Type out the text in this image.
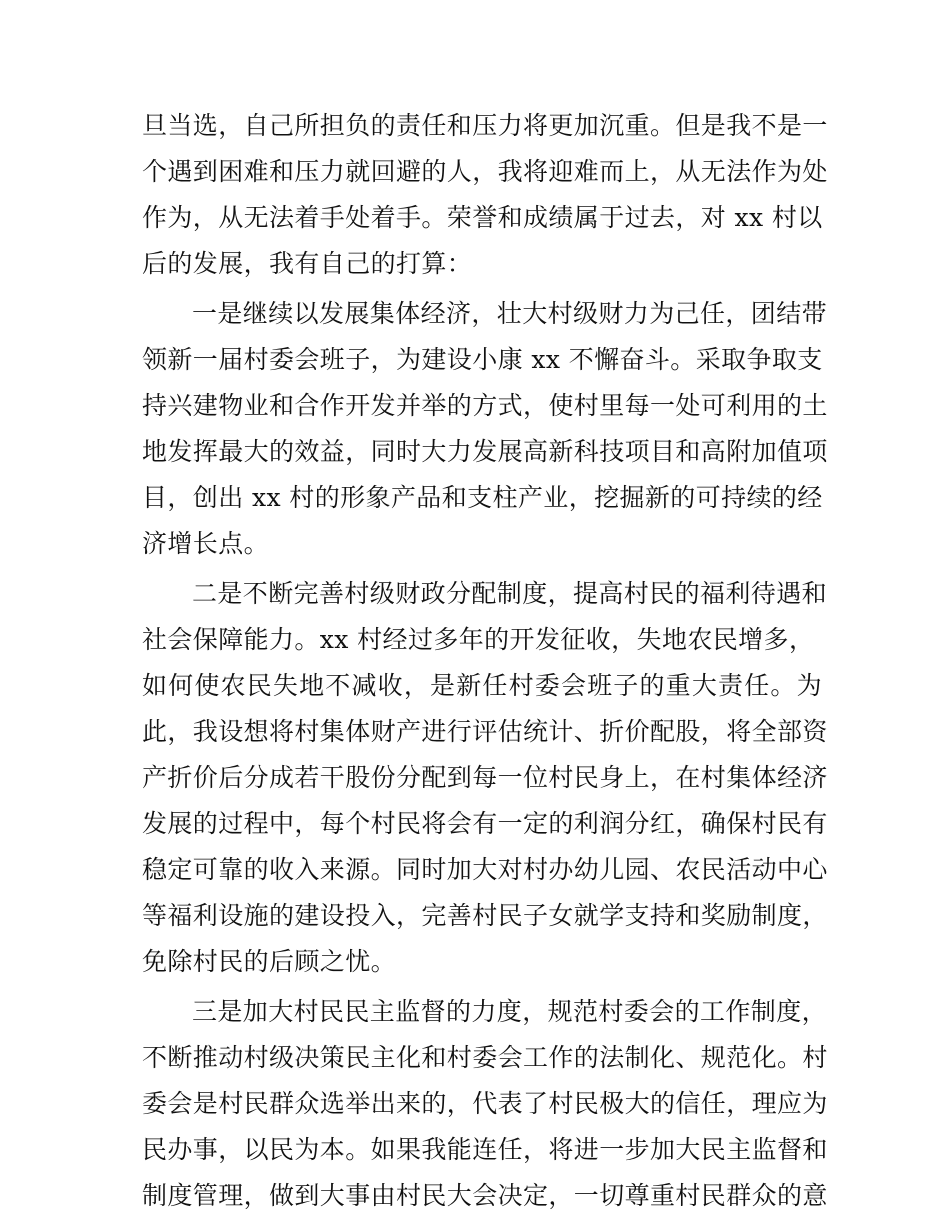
旦当选，自己所担负的责任和压力将更加沉重。但是我不是一
个遇到困难和压力就回避的人，我将迎难而上，从无法作为处
作为，从无法着手处着手。荣誉和成绩属于过去，对 xx 村以
后的发展，我有自己的打算：
一是继续以发展集体经济，壮大村级财力为己任，团结带
领新一届村委会班子，为建设小康 xx 不懈奋斗。采取争取支
持兴建物业和合作开发并举的方式，使村里每一处可利用的土
地发挥最大的效益，同时大力发展高新科技项目和高附加值项
目，创出 xx 村的形象产品和支柱产业，挖掘新的可持续的经
济增长点。
二是不断完善村级财政分配制度，提高村民的福利待遇和
社会保障能力。xx 村经过多年的开发征收，失地农民增多，
如何使农民失地不减收，是新任村委会班子的重大责任。为
此，我设想将村集体财产进行评估统计、折价配股，将全部资
产折价后分成若干股份分配到每一位村民身上，在村集体经济
发展的过程中，每个村民将会有一定的利润分红，确保村民有
稳定可靠的收入来源。同时加大对村办幼儿园、农民活动中心
等福利设施的建设投入，完善村民子女就学支持和奖励制度，
免除村民的后顾之忧。
三是加大村民民主监督的力度，规范村委会的工作制度，
不断推动村级决策民主化和村委会工作的法制化、规范化。村
委会是村民群众选举出来的，代表了村民极大的信任，理应为
民办事，以民为本。如果我能连任，将进一步加大民主监督和
制度管理，做到大事由村民大会决定，一切尊重村民群众的意
